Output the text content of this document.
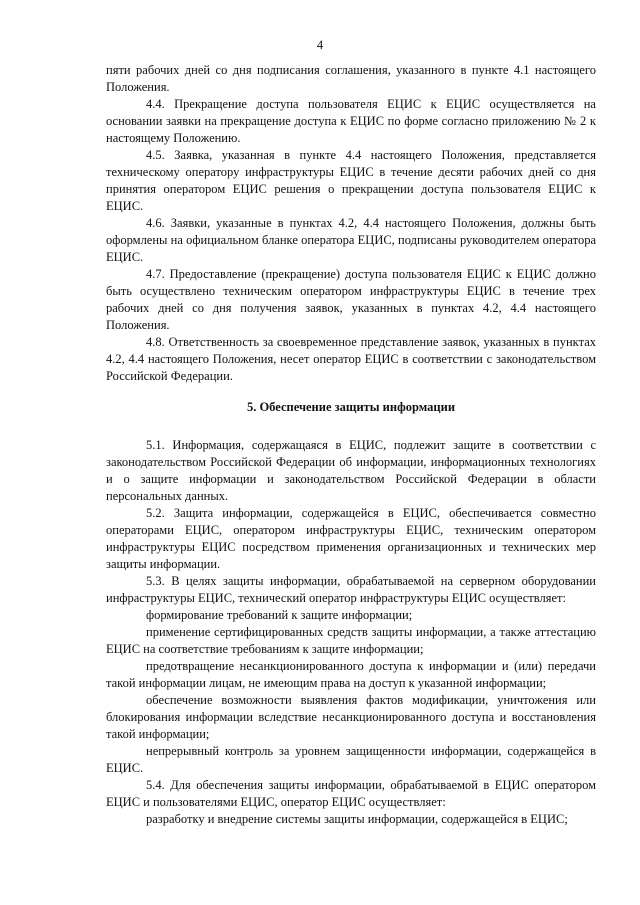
4

пяти рабочих дней со дня подписания соглашения, указанного в пункте 4.1 настоящего Положения.

4.4. Прекращение доступа пользователя ЕЦИС к ЕЦИС осуществляется на основании заявки на прекращение доступа к ЕЦИС по форме согласно приложению № 2 к настоящему Положению.

4.5. Заявка, указанная в пункте 4.4 настоящего Положения, представляется техническому оператору инфраструктуры ЕЦИС в течение десяти рабочих дней со дня принятия оператором ЕЦИС решения о прекращении доступа пользователя ЕЦИС к ЕЦИС.

4.6. Заявки, указанные в пунктах 4.2, 4.4 настоящего Положения, должны быть оформлены на официальном бланке оператора ЕЦИС, подписаны руководителем оператора ЕЦИС.

4.7. Предоставление (прекращение) доступа пользователя ЕЦИС к ЕЦИС должно быть осуществлено техническим оператором инфраструктуры ЕЦИС в течение трех рабочих дней со дня получения заявок, указанных в пунктах 4.2, 4.4 настоящего Положения.

4.8. Ответственность за своевременное представление заявок, указанных в пунктах 4.2, 4.4 настоящего Положения, несет оператор ЕЦИС в соответствии с законодательством Российской Федерации.

5. Обеспечение защиты информации

5.1. Информация, содержащаяся в ЕЦИС, подлежит защите в соответствии с законодательством Российской Федерации об информации, информационных технологиях и о защите информации и законодательством Российской Федерации в области персональных данных.

5.2. Защита информации, содержащейся в ЕЦИС, обеспечивается совместно операторами ЕЦИС, оператором инфраструктуры ЕЦИС, техническим оператором инфраструктуры ЕЦИС посредством применения организационных и технических мер защиты информации.

5.3. В целях защиты информации, обрабатываемой на серверном оборудовании инфраструктуры ЕЦИС, технический оператор инфраструктуры ЕЦИС осуществляет:

формирование требований к защите информации;

применение сертифицированных средств защиты информации, а также аттестацию ЕЦИС на соответствие требованиям к защите информации;

предотвращение несанкционированного доступа к информации и (или) передачи такой информации лицам, не имеющим права на доступ к указанной информации;

обеспечение возможности выявления фактов модификации, уничтожения или блокирования информации вследствие несанкционированного доступа и восстановления такой информации;

непрерывный контроль за уровнем защищенности информации, содержащейся в ЕЦИС.

5.4. Для обеспечения защиты информации, обрабатываемой в ЕЦИС оператором ЕЦИС и пользователями ЕЦИС, оператор ЕЦИС осуществляет:

разработку и внедрение системы защиты информации, содержащейся в ЕЦИС;
